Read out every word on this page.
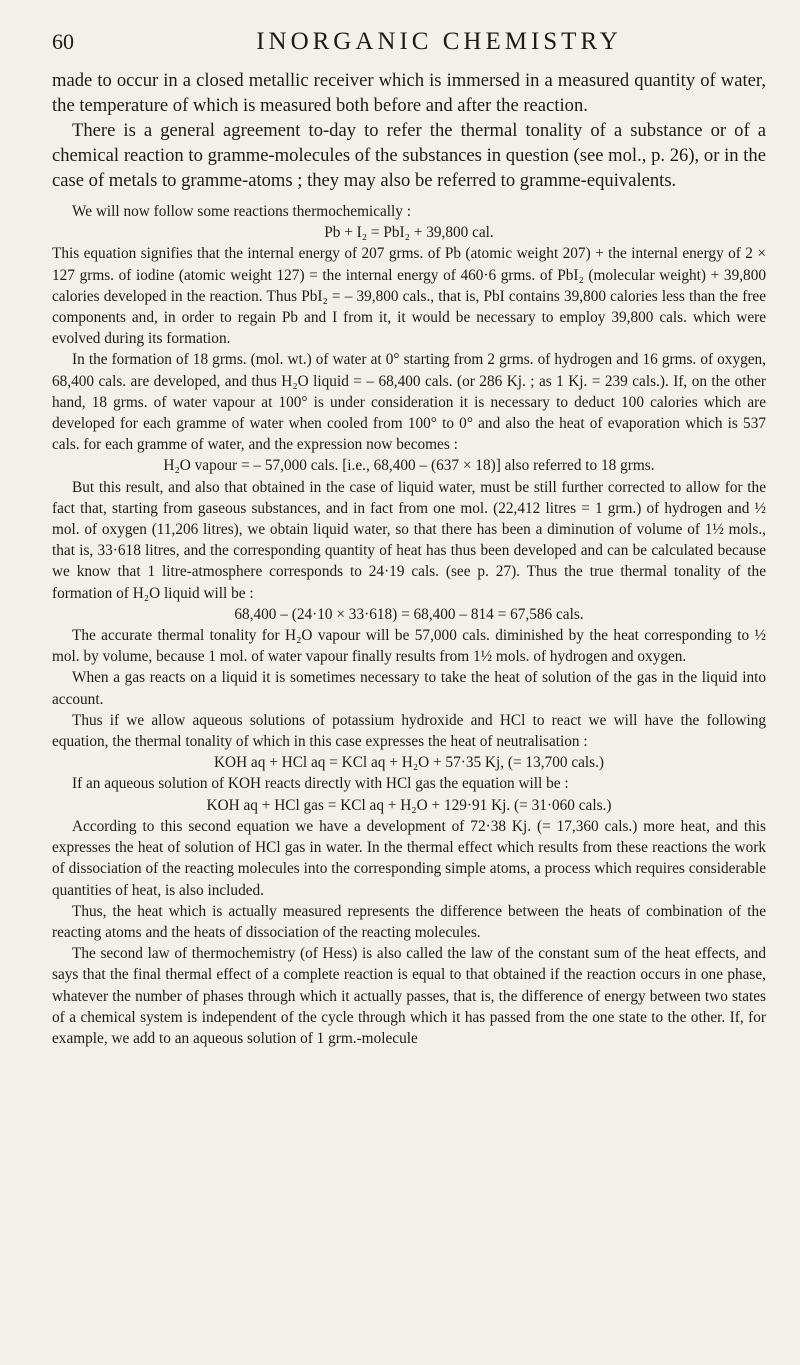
60	INORGANIC CHEMISTRY

made to occur in a closed metallic receiver which is immersed in a measured quantity of water, the temperature of which is measured both before and after the reaction.

There is a general agreement to-day to refer the thermal tonality of a substance or of a chemical reaction to gramme-molecules of the substances in question (see mol., p. 26), or in the case of metals to gramme-atoms ; they may also be referred to gramme-equivalents.

We will now follow some reactions thermochemically :

Pb + I₂ = PbI₂ + 39,800 cal.

This equation signifies that the internal energy of 207 grms. of Pb (atomic weight 207) + the internal energy of 2 × 127 grms. of iodine (atomic weight 127) = the internal energy of 460·6 grms. of PbI₂ (molecular weight) + 39,800 calories developed in the reaction. Thus PbI₂ = – 39,800 cals., that is, PbI contains 39,800 calories less than the free components and, in order to regain Pb and I from it, it would be necessary to employ 39,800 cals. which were evolved during its formation.

In the formation of 18 grms. (mol. wt.) of water at 0° starting from 2 grms. of hydrogen and 16 grms. of oxygen, 68,400 cals. are developed, and thus H₂O liquid = – 68,400 cals. (or 286 Kj. ; as 1 Kj. = 239 cals.). If, on the other hand, 18 grms. of water vapour at 100° is under consideration it is necessary to deduct 100 calories which are developed for each gramme of water when cooled from 100° to 0° and also the heat of evaporation which is 537 cals. for each gramme of water, and the expression now becomes :

H₂O vapour = – 57,000 cals. [i.e., 68,400 – (637 × 18)] also referred to 18 grms.

But this result, and also that obtained in the case of liquid water, must be still further corrected to allow for the fact that, starting from gaseous substances, and in fact from one mol. (22,412 litres = 1 grm.) of hydrogen and ½ mol. of oxygen (11,206 litres), we obtain liquid water, so that there has been a diminution of volume of 1½ mols., that is, 33·618 litres, and the corresponding quantity of heat has thus been developed and can be calculated because we know that 1 litre-atmosphere corresponds to 24·19 cals. (see p. 27). Thus the true thermal tonality of the formation of H₂O liquid will be :

68,400 – (24·10 × 33·618) = 68,400 – 814 = 67,586 cals.

The accurate thermal tonality for H₂O vapour will be 57,000 cals. diminished by the heat corresponding to ½ mol. by volume, because 1 mol. of water vapour finally results from 1½ mols. of hydrogen and oxygen.

When a gas reacts on a liquid it is sometimes necessary to take the heat of solution of the gas in the liquid into account.

Thus if we allow aqueous solutions of potassium hydroxide and HCl to react we will have the following equation, the thermal tonality of which in this case expresses the heat of neutralisation :

KOH aq + HCl aq = KCl aq + H₂O + 57·35 Kj, (= 13,700 cals.)

If an aqueous solution of KOH reacts directly with HCl gas the equation will be :

KOH aq + HCl gas = KCl aq + H₂O + 129·91 Kj. (= 31·060 cals.)

According to this second equation we have a development of 72·38 Kj. (= 17,360 cals.) more heat, and this expresses the heat of solution of HCl gas in water. In the thermal effect which results from these reactions the work of dissociation of the reacting molecules into the corresponding simple atoms, a process which requires considerable quantities of heat, is also included.

Thus, the heat which is actually measured represents the difference between the heats of combination of the reacting atoms and the heats of dissociation of the reacting molecules.

The second law of thermochemistry (of Hess) is also called the law of the constant sum of the heat effects, and says that the final thermal effect of a complete reaction is equal to that obtained if the reaction occurs in one phase, whatever the number of phases through which it actually passes, that is, the difference of energy between two states of a chemical system is independent of the cycle through which it has passed from the one state to the other. If, for example, we add to an aqueous solution of 1 grm.-molecule
